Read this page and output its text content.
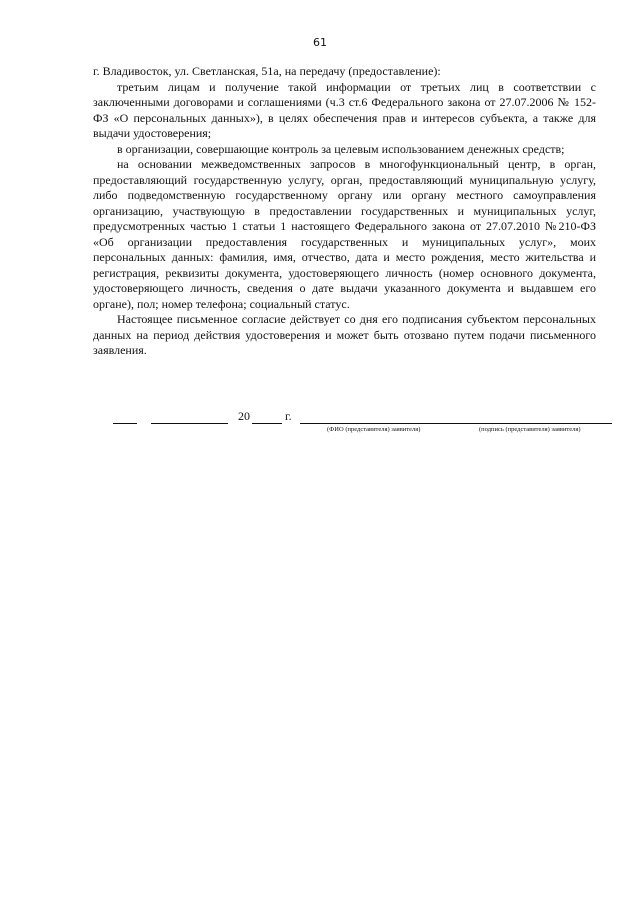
61

г. Владивосток, ул. Светланская, 51а, на передачу (предоставление):

третьим лицам и получение такой информации от третьих лиц в соответствии с заключенными договорами и соглашениями (ч.3 ст.6 Федерального закона от 27.07.2006 № 152-ФЗ «О персональных данных»), в целях обеспечения прав и интересов субъекта, а также для выдачи удостоверения;

в организации, совершающие контроль за целевым использованием денежных средств;

на основании межведомственных запросов в многофункциональный центр, в орган, предоставляющий государственную услугу, орган, предоставляющий муниципальную услугу, либо подведомственную государственному органу или органу местного самоуправления организацию, участвующую в предоставлении государственных и муниципальных услуг, предусмотренных частью 1 статьи 1 настоящего Федерального закона от 27.07.2010 №210-ФЗ «Об организации предоставления государственных и муниципальных услуг», моих персональных данных: фамилия, имя, отчество, дата и место рождения, место жительства и регистрация, реквизиты документа, удостоверяющего личность (номер основного документа, удостоверяющего личность, сведения о дате выдачи указанного документа и выдавшем его органе), пол; номер телефона; социальный статус.

Настоящее письменное согласие действует со дня его подписания субъектом персональных данных на период действия удостоверения и может быть отозвано путем подачи письменного заявления.

20	г.
(ФИО (представителя) заявителя)	(подпись (представителя) заявителя)
